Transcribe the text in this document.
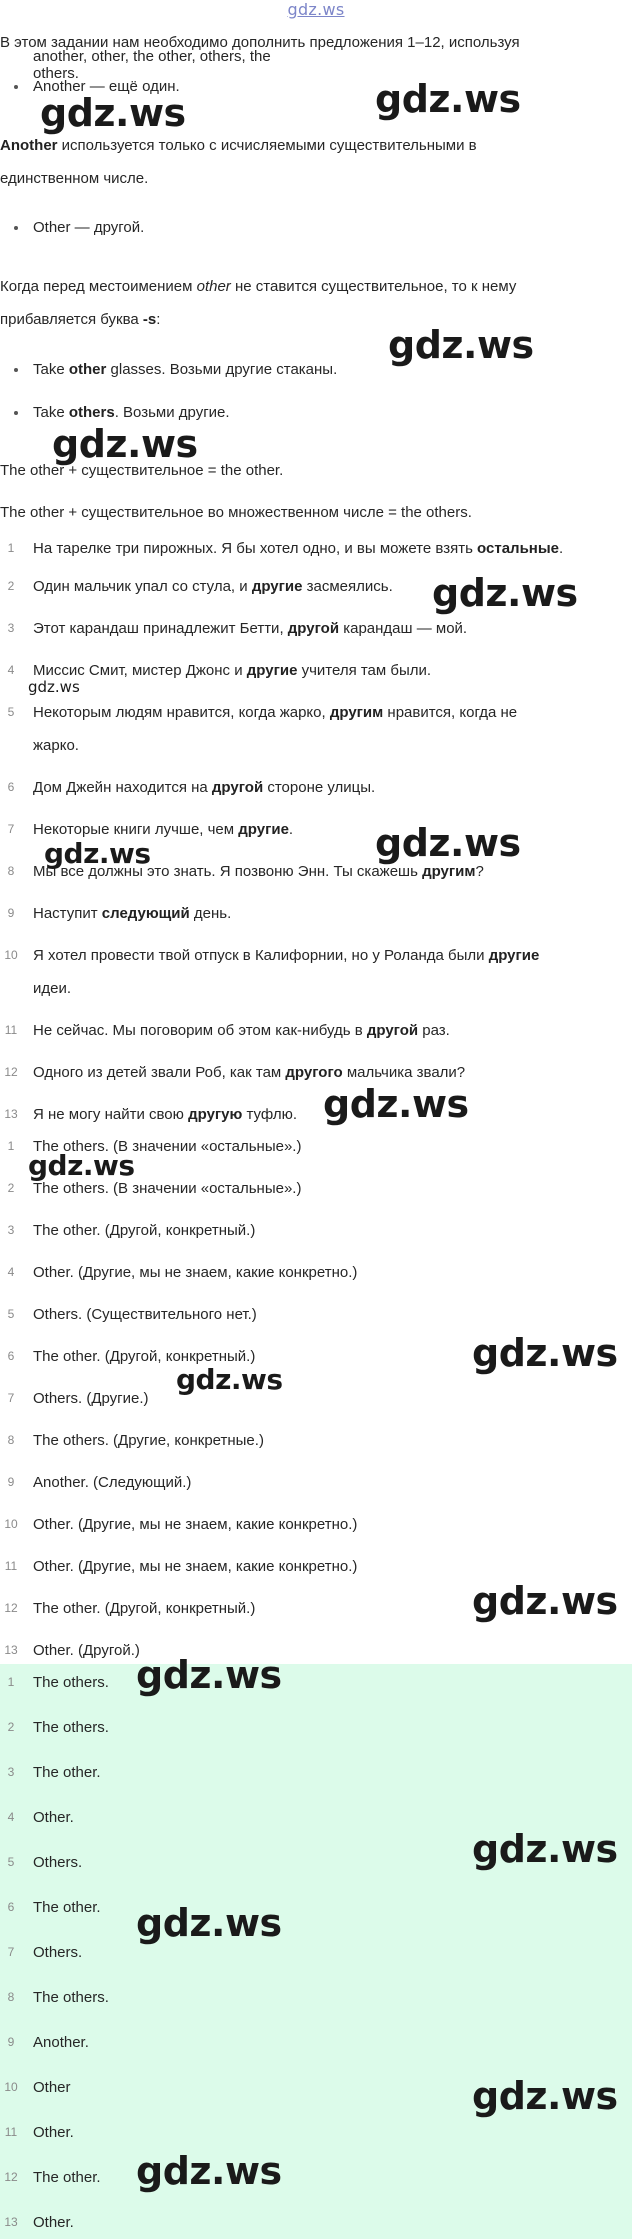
gdz.ws
В этом задании нам необходимо дополнить предложения 1–12, используя
another, other, the other, others, the others.
Another — ещё один.
Another используется только с исчисляемыми существительными в
единственном числе.
Other — другой.
Когда перед местоимением other не ставится существительное, то к нему
прибавляется буква -s:
Take other glasses. Возьми другие стаканы.
Take others. Возьми другие.
The other + существительное = the other.
The other + существительное во множественном числе = the others.
1	На тарелке три пирожных. Я бы хотел одно, и вы можете взять остальные.
2	Один мальчик упал со стула, и другие засмеялись.
3	Этот карандаш принадлежит Бетти, другой карандаш — мой.
4	Миссис Смит, мистер Джонс и другие учителя там были.
5	Некоторым людям нравится, когда жарко, другим нравится, когда не
жарко.
6	Дом Джейн находится на другой стороне улицы.
7	Некоторые книги лучше, чем другие.
8	Мы все должны это знать. Я позвоню Энн. Ты скажешь другим?
9	Наступит следующий день.
10 Я хотел провести твой отпуск в Калифорнии, но у Роланда были другие
идеи.
11	Не сейчас. Мы поговорим об этом как-нибудь в другой раз.
12 Одного из детей звали Роб, как там другого мальчика звали?
13 Я не могу найти свою другую туфлю.
1	The others. (В значении «остальные».)
2	The others. (В значении «остальные».)
3	The other. (Другой, конкретный.)
4	Other. (Другие, мы не знаем, какие конкретно.)
5	Others. (Существительного нет.)
6	The other. (Другой, конкретный.)
7	Others. (Другие.)
8	The others. (Другие, конкретные.)
9	Another. (Следующий.)
10 Other. (Другие, мы не знаем, какие конкретно.)
11	Other. (Другие, мы не знаем, какие конкретно.)
12 The other. (Другой, конкретный.)
13 Other. (Другой.)
1	The others.
2	The others.
3	The other.
4	Other.
5	Others.
6	The other.
7	Others.
8	The others.
9	Another.
10 Other
11	Other.
12 The other.
13 Other.
gdz.ws	gdz.ws
gdz.ws
gdz.ws
gdz.ws
gdz.ws
gdz.ws
gdz.ws
gdz.ws
gdz.ws
gdz.ws
gdz.ws
gdz.ws
gdz.ws
gdz.ws
gdz.ws
gdz.ws
gdz.ws
